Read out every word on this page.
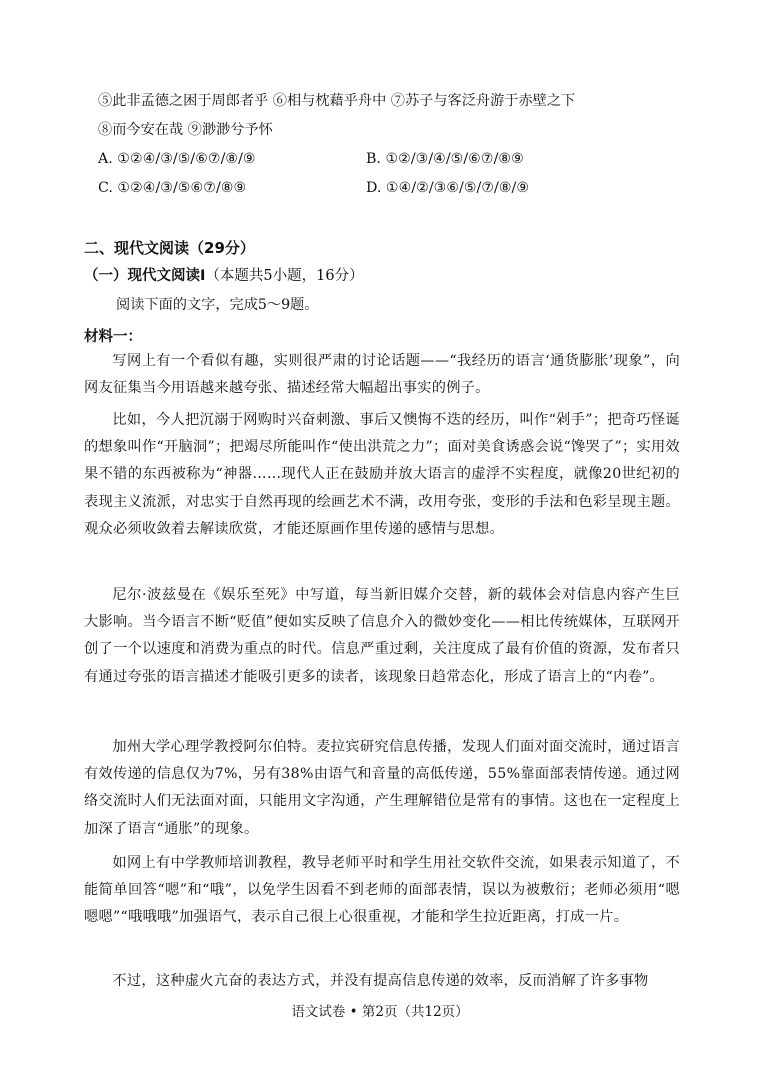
⑤此非孟德之困于周郎者乎 ⑥相与枕藉乎舟中 ⑦苏子与客泛舟游于赤壁之下
⑧而今安在哉 ⑨渺渺兮予怀
A. ①②④/③/⑤/⑥⑦/⑧/⑨	B. ①②/③/④/⑤/⑥⑦/⑧⑨
C. ①②④/③/⑤⑥⑦/⑧⑨	D. ①④/②/③⑥/⑤/⑦/⑧/⑨
二、现代文阅读（29分）
（一）现代文阅读Ⅰ（本题共5小题，16分）
阅读下面的文字，完成5～9题。
材料一：
写网上有一个看似有趣，实则很严肃的讨论话题——“我经历的语言‘通货膨胀’现象”，向网友征集当今用语越来越夸张、描述经常大幅超出事实的例子。
比如，今人把沉溺于网购时兴奋刺激、事后又懊悔不迭的经历，叫作“剁手”；把奇巧怪诞的想象叫作“开脑洞”；把竭尽所能叫作“使出洪荒之力”；面对美食诱惑会说“馋哭了”；实用效果不错的东西被称为“神器……现代人正在鼓励并放大语言的虚浮不实程度，就像20世纪初的表现主义流派，对忠实于自然再现的绘画艺术不满，改用夸张，变形的手法和色彩呈现主题。观众必须收敛着去解读欣赏，才能还原画作里传递的感情与思想。
尼尔·波兹曼在《娱乐至死》中写道，每当新旧媒介交替，新的载体会对信息内容产生巨大影响。当今语言不断“贬值”便如实反映了信息介入的微妙变化——相比传统媒体，互联网开创了一个以速度和消费为重点的时代。信息严重过剩，关注度成了最有价值的资源，发布者只有通过夸张的语言描述才能吸引更多的读者，该现象日趋常态化，形成了语言上的“内卷”。
加州大学心理学教授阿尔伯特。麦拉宾研究信息传播，发现人们面对面交流时，通过语言有效传递的信息仅为7%，另有38%由语气和音量的高低传递，55%靠面部表情传递。通过网络交流时人们无法面对面，只能用文字沟通，产生理解错位是常有的事情。这也在一定程度上加深了语言“通胀”的现象。
如网上有中学教师培训教程，教导老师平时和学生用社交软件交流，如果表示知道了，不能简单回答“嗯”和“哦”，以免学生因看不到老师的面部表情，误以为被敷衍；老师必须用“嗯嗯嗯”“哦哦哦”加强语气，表示自己很上心很重视，才能和学生拉近距离，打成一片。
不过，这种虚火亢奋的表达方式，并没有提高信息传递的效率，反而消解了许多事物
语文试卷 • 第2页（共12页）
